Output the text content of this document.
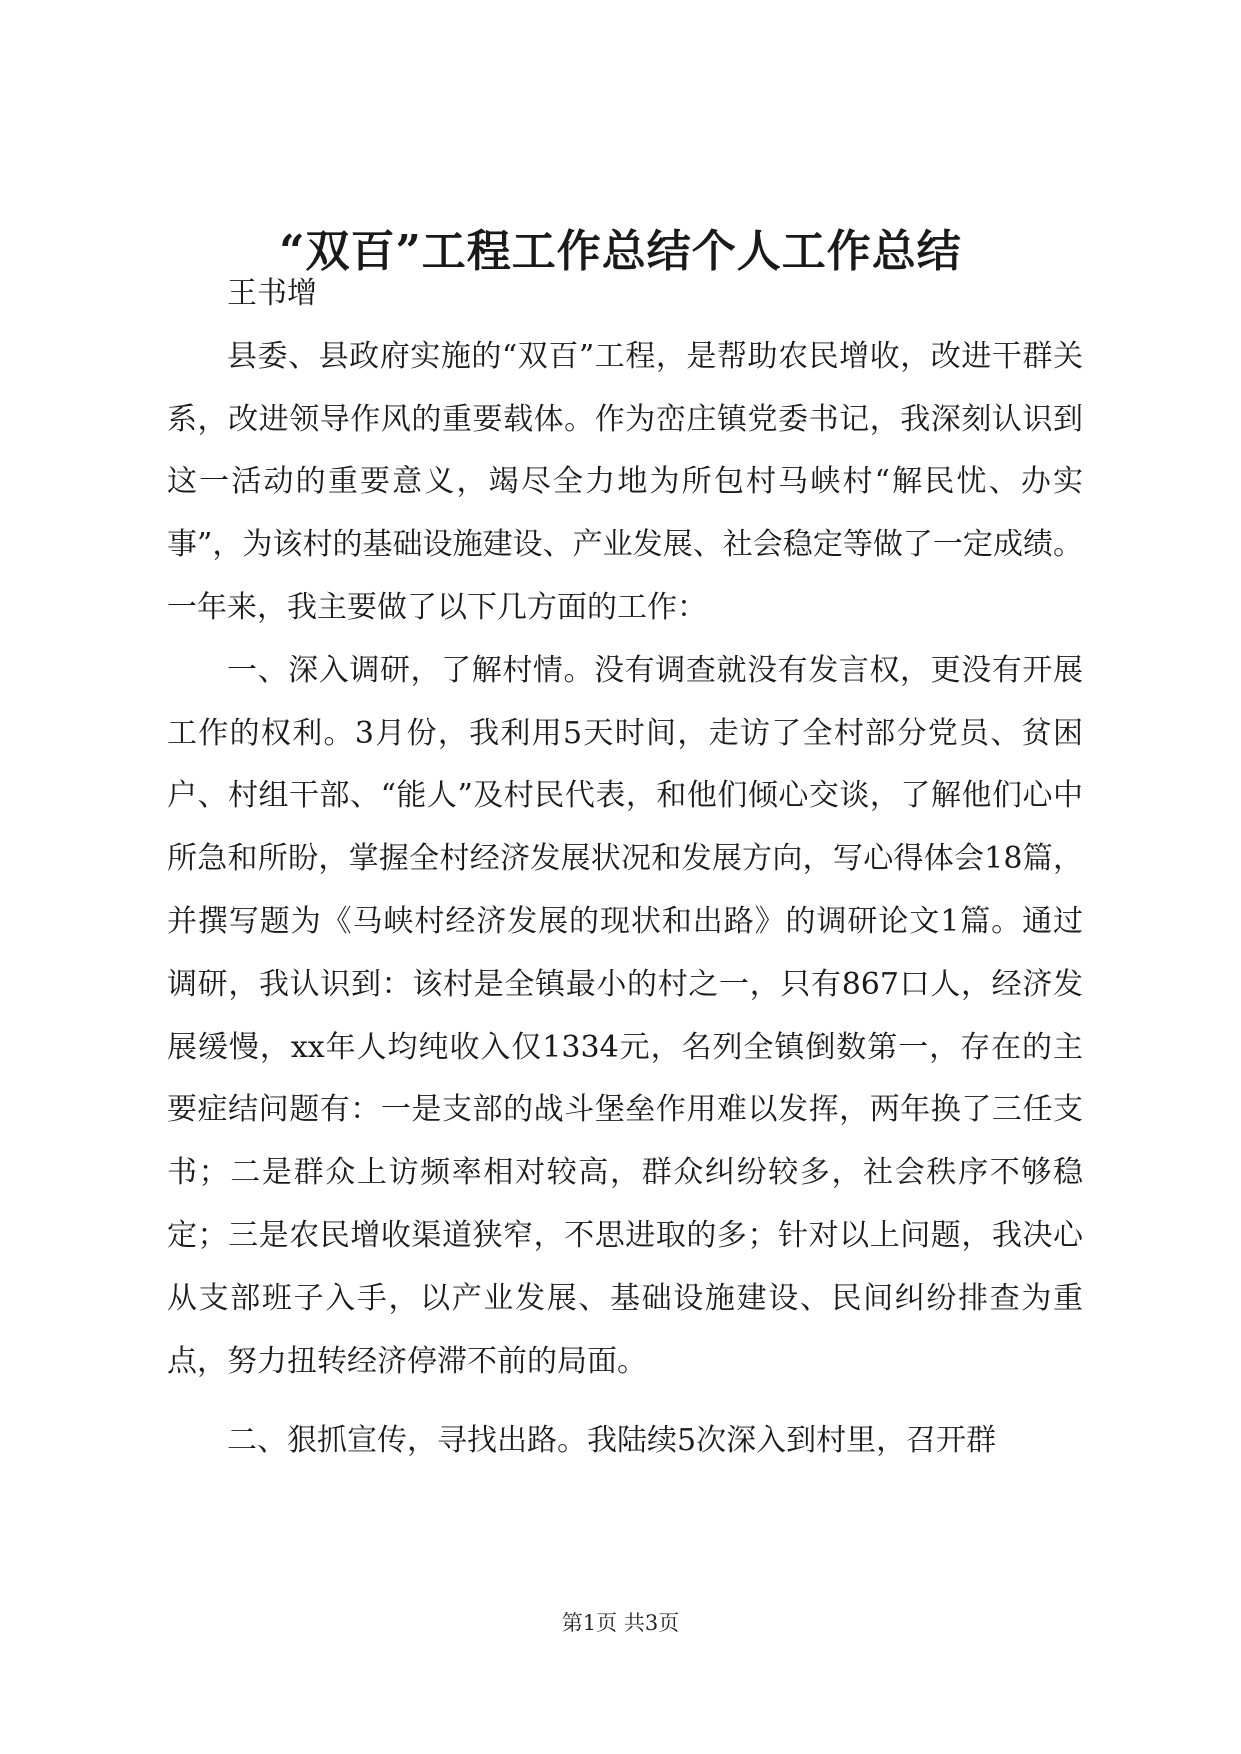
“双百”工程工作总结个人工作总结

王书增

县委、县政府实施的“双百”工程，是帮助农民增收，改进干群关系，改进领导作风的重要载体。作为峦庄镇党委书记，我深刻认识到这一活动的重要意义，竭尽全力地为所包村马峡村“解民忧、办实事”，为该村的基础设施建设、产业发展、社会稳定等做了一定成绩。一年来，我主要做了以下几方面的工作：

一、深入调研，了解村情。没有调查就没有发言权，更没有开展工作的权利。3月份，我利用5天时间，走访了全村部分党员、贫困户、村组干部、“能人”及村民代表，和他们倾心交谈，了解他们心中所急和所盼，掌握全村经济发展状况和发展方向，写心得体会18篇，并撰写题为《马峡村经济发展的现状和出路》的调研论文1篇。通过调研，我认识到：该村是全镇最小的村之一，只有867口人，经济发展缓慢，xx年人均纯收入仅1334元，名列全镇倒数第一，存在的主要症结问题有：一是支部的战斗堡垒作用难以发挥，两年换了三任支书；二是群众上访频率相对较高，群众纠纷较多，社会秩序不够稳定；三是农民增收渠道狭窄，不思进取的多；针对以上问题，我决心从支部班子入手，以产业发展、基础设施建设、民间纠纷排查为重点，努力扭转经济停滞不前的局面。

二、狠抓宣传，寻找出路。我陆续5次深入到村里，召开群

第1页 共3页
